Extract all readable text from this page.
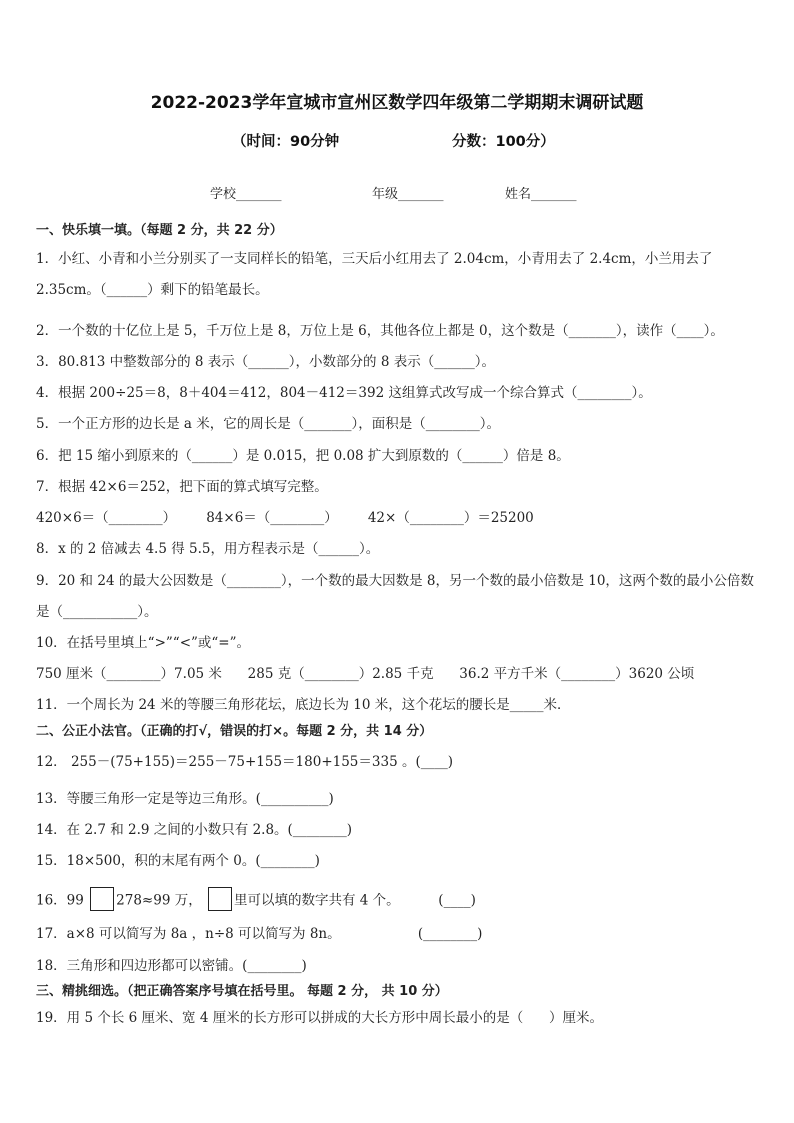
2022-2023学年宣城市宣州区数学四年级第二学期期末调研试题
（时间：90分钟	分数：100分）
学校_______	年级_______	姓名_______
一、快乐填一填。（每题 2 分，共 22 分）
1．小红、小青和小兰分别买了一支同样长的铅笔，三天后小红用去了 2.04cm，小青用去了 2.4cm，小兰用去了
2.35cm。（______）剩下的铅笔最长。
2．一个数的十亿位上是 5，千万位上是 8，万位上是 6，其他各位上都是 0，这个数是（_______），读作（____）。
3．80.813 中整数部分的 8 表示（______），小数部分的 8 表示（______）。
4．根据 200÷25＝8，8＋404＝412，804－412＝392 这组算式改写成一个综合算式（________）。
5．一个正方形的边长是 a 米，它的周长是（_______），面积是（________）。
6．把 15 缩小到原来的（______）是 0.015，把 0.08 扩大到原数的（______）倍是 8。
7．根据 42×6＝252，把下面的算式填写完整。
420×6＝（________）       84×6＝（________）       42×（________）＝25200
8．x 的 2 倍减去 4.5 得 5.5，用方程表示是（______）。
9．20 和 24 的最大公因数是（________），一个数的最大因数是 8，另一个数的最小倍数是 10，这两个数的最小公倍数
是（___________）。
10．在括号里填上“>”“<”或“=”。
750 厘米（________）7.05 米      285 克（________）2.85 千克      36.2 平方千米（________）3620 公顷
11．一个周长为 24 米的等腰三角形花坛，底边长为 10 米，这个花坛的腰长是_____米．
二、公正小法官。（正确的打√，错误的打×。每题 2 分，共 14 分）
12． 255－(75+155)＝255－75+155＝180+155＝335 。(____)
13．等腰三角形一定是等边三角形。(__________)
14．在 2.7 和 2.9 之间的小数只有 2.8。(________)
15．18×500，积的末尾有两个 0。(________)
16．99 278≈99 万， 里可以填的数字共有 4 个。         (____)
17．a×8 可以简写为 8a ，n÷8 可以简写为 8n。                  (________)
18．三角形和四边形都可以密铺。(________)
三、精挑细选。（把正确答案序号填在括号里。 每题 2 分， 共 10 分）
19．用 5 个长 6 厘米、宽 4 厘米的长方形可以拼成的大长方形中周长最小的是（      ）厘米。
